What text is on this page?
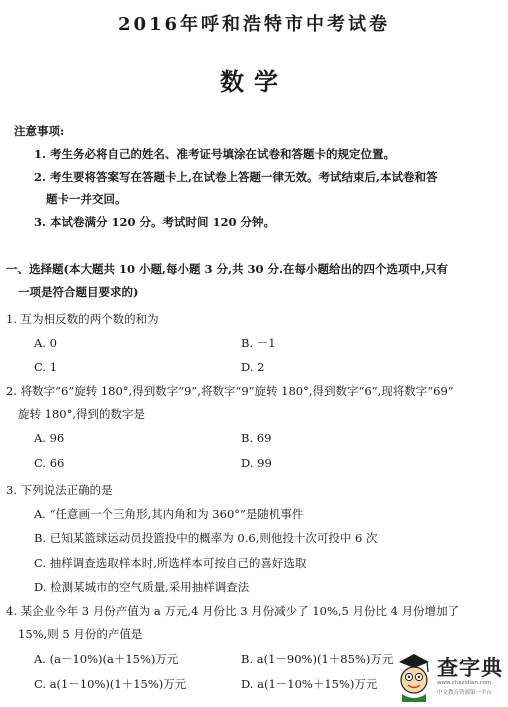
2016年呼和浩特市中考试卷
数学
注意事项:
1. 考生务必将自己的姓名、准考证号填涂在试卷和答题卡的规定位置。
2. 考生要将答案写在答题卡上,在试卷上答题一律无效。考试结束后,本试卷和答
题卡一并交回。
3. 本试卷满分 120 分。考试时间 120 分钟。
一、选择题(本大题共 10 小题,每小题 3 分,共 30 分.在每小题给出的四个选项中,只有
一项是符合题目要求的)
1. 互为相反数的两个数的和为
A. 0	B. －1
C. 1	D. 2
2. 将数字“6”旋转 180°,得到数字“9”,将数字“9”旋转 180°,得到数字“6”,现将数字“69”
旋转 180°,得到的数字是
A. 96	B. 69
C. 66	D. 99
3. 下列说法正确的是
A. “任意画一个三角形,其内角和为 360°”是随机事件
B. 已知某篮球运动员投篮投中的概率为 0.6,则他投十次可投中 6 次
C. 抽样调查选取样本时,所选样本可按自己的喜好选取
D. 检测某城市的空气质量,采用抽样调查法
4. 某企业今年 3 月份产值为 a 万元,4 月份比 3 月份减少了 10%,5 月份比 4 月份增加了
15%,则 5 月份的产值是
A. (a－10%)(a＋15%)万元	B. a(1－90%)(1＋85%)万元
C. a(1－10%)(1＋15%)万元	D. a(1－10%＋15%)万元
查字典
www.chazidian.com
中文教育资源第一平台
